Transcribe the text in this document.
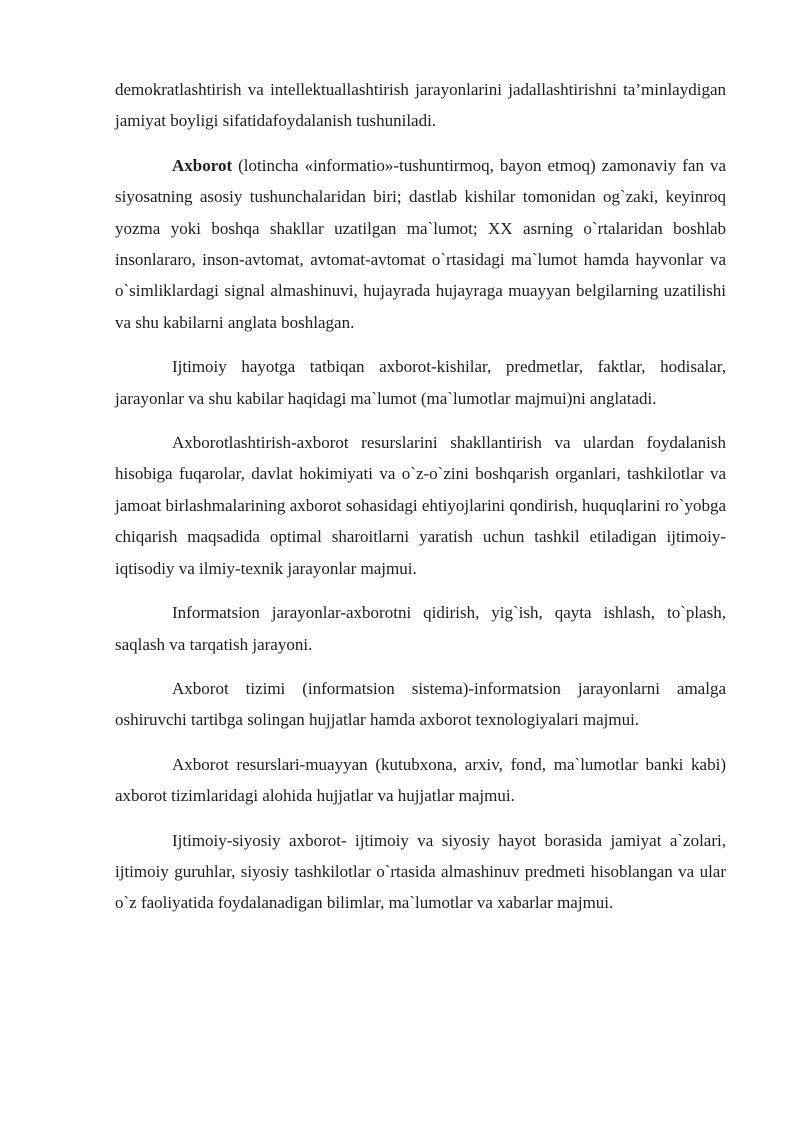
demokratlashtirish va intellektuallashtirish jarayonlarini jadallashtirishni ta’minlaydigan jamiyat boyligi sifatidafoydalanish tushuniladi.

Axborot (lotincha «informatio»-tushuntirmoq, bayon etmoq) zamonaviy fan va siyosatning asosiy tushunchalaridan biri; dastlab kishilar tomonidan og`zaki, keyinroq yozma yoki boshqa shakllar uzatilgan ma`lumot; XX asrning o`rtalaridan boshlab insonlararo, inson-avtomat, avtomat-avtomat o`rtasidagi ma`lumot hamda hayvonlar va o`simliklardagi signal almashinuvi, hujayrada hujayraga muayyan belgilarning uzatilishi va shu kabilarni anglata boshlagan.

Ijtimoiy hayotga tatbiqan axborot-kishilar, predmetlar, faktlar, hodisalar, jarayonlar va shu kabilar haqidagi ma`lumot (ma`lumotlar majmui)ni anglatadi.

Axborotlashtirish-axborot resurslarini shakllantirish va ulardan foydalanish hisobiga fuqarolar, davlat hokimiyati va o`z-o`zini boshqarish organlari, tashkilotlar va jamoat birlashmalarining axborot sohasidagi ehtiyojlarini qondirish, huquqlarini ro`yobga chiqarish maqsadida optimal sharoitlarni yaratish uchun tashkil etiladigan ijtimoiy-iqtisodiy va ilmiy-texnik jarayonlar majmui.

Informatsion jarayonlar-axborotni qidirish, yig`ish, qayta ishlash, to`plash, saqlash va tarqatish jarayoni.

Axborot tizimi (informatsion sistema)-informatsion jarayonlarni amalga oshiruvchi tartibga solingan hujjatlar hamda axborot texnologiyalari majmui.

Axborot resurslari-muayyan (kutubxona, arxiv, fond, ma`lumotlar banki kabi) axborot tizimlaridagi alohida hujjatlar va hujjatlar majmui.

Ijtimoiy-siyosiy axborot- ijtimoiy va siyosiy hayot borasida jamiyat a`zolari, ijtimoiy guruhlar, siyosiy tashkilotlar o`rtasida almashinuv predmeti hisoblangan va ular o`z faoliyatida foydalanadigan bilimlar, ma`lumotlar va xabarlar majmui.
